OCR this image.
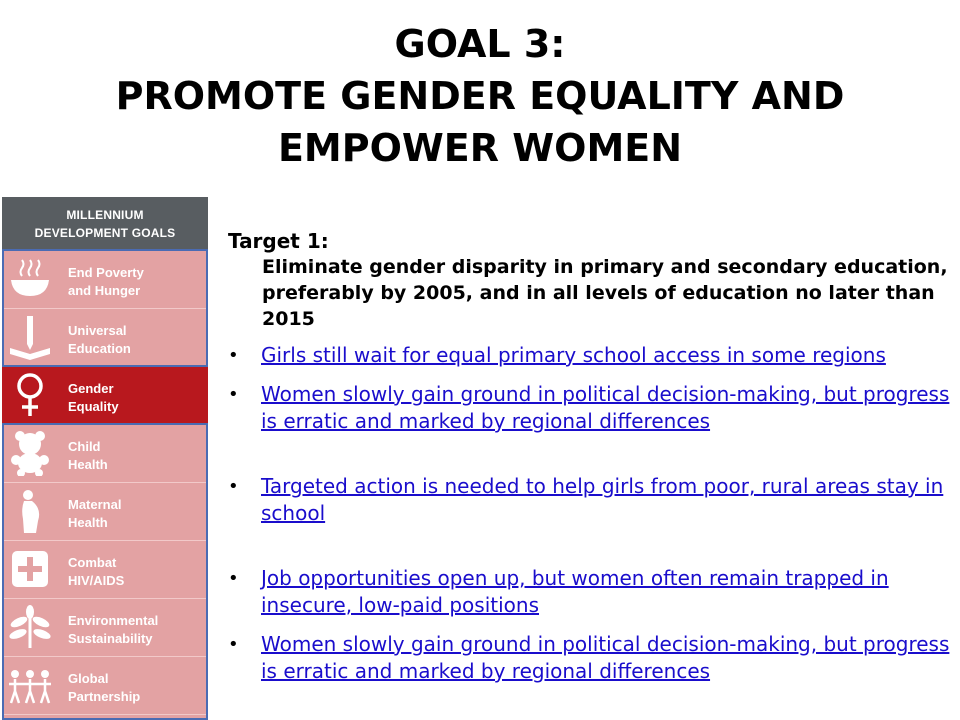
GOAL 3:
PROMOTE GENDER EQUALITY AND EMPOWER WOMEN
MILLENNIUM
DEVELOPMENT GOALS
End Poverty
and Hunger
Universal
Education
Gender
Equality
Child
Health
Maternal
Health
Combat
HIV/AIDS
Environmental
Sustainability
Global
Partnership
Target 1:
Eliminate gender disparity in primary and secondary education, preferably by 2005, and in all levels of education no later than 2015
• Girls still wait for equal primary school access in some regions
• Women slowly gain ground in political decision-making, but progress is erratic and marked by regional differences
• Targeted action is needed to help girls from poor, rural areas stay in school
• Job opportunities open up, but women often remain trapped in insecure, low-paid positions
• Women slowly gain ground in political decision-making, but progress is erratic and marked by regional differences
